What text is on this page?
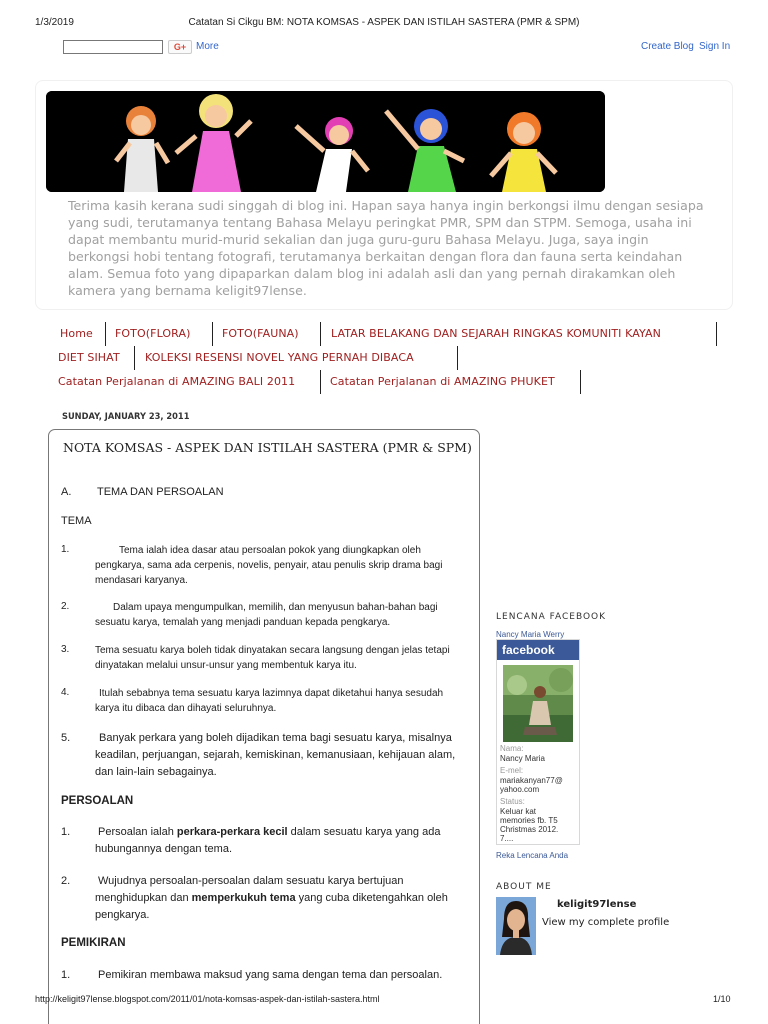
1/3/2019	Catatan Si Cikgu BM: NOTA KOMSAS - ASPEK DAN ISTILAH SASTERA (PMR & SPM)
G+ More	Create Blog Sign In
Terima kasih kerana sudi singgah di blog ini. Hapan saya hanya ingin berkongsi ilmu dengan sesiapa yang sudi, terutamanya tentang Bahasa Melayu peringkat PMR, SPM dan STPM. Semoga, usaha ini dapat membantu murid-murid sekalian dan juga guru-guru Bahasa Melayu. Juga, saya ingin berkongsi hobi tentang fotografi, terutamanya berkaitan dengan flora dan fauna serta keindahan alam. Semua foto yang dipaparkan dalam blog ini adalah asli dan yang pernah dirakamkan oleh kamera yang bernama keligit97lense.
Home FOTO(FLORA)	FOTO(FAUNA)	LATAR BELAKANG DAN SEJARAH RINGKAS KOMUNITI KAYAN
DIET SIHAT KOLEKSI RESENSI NOVEL YANG PERNAH DIBACA
Catatan Perjalanan di AMAZING BALI 2011	Catatan Perjalanan di AMAZING PHUKET
SUNDAY, JANUARY 23, 2011
NOTA KOMSAS - ASPEK DAN ISTILAH SASTERA (PMR & SPM)
A. TEMA DAN PERSOALAN
TEMA
1.	Tema ialah idea dasar atau persoalan pokok yang diungkapkan oleh
pengkarya, sama ada cerpenis, novelis, penyair, atau penulis skrip drama bagi
mendasari karyanya.
2.	Dalam upaya mengumpulkan, memilih, dan menyusun bahan-bahan bagi
sesuatu karya, temalah yang menjadi panduan kepada pengkarya.
3.	Tema sesuatu karya boleh tidak dinyatakan secara langsung dengan jelas tetapi
dinyatakan melalui unsur-unsur yang membentuk karya itu.
4.	Itulah sebabnya tema sesuatu karya lazimnya dapat diketahui hanya sesudah
karya itu dibaca dan dihayati seluruhnya.
5.	Banyak perkara yang boleh dijadikan tema bagi sesuatu karya, misalnya
keadilan, perjuangan, sejarah, kemiskinan, kemanusiaan, kehijauan alam,
dan lain-lain sebagainya.
PERSOALAN
1.	Persoalan ialah perkara-perkara kecil dalam sesuatu karya yang ada
hubungannya dengan tema.
2.	Wujudnya persoalan-persoalan dalam sesuatu karya bertujuan
menghidupkan dan memperkukuh tema yang cuba diketengahkan oleh
pengkarya.
PEMIKIRAN
1.	Pemikiran membawa maksud yang sama dengan tema dan persoalan.
LENCANA FACEBOOK
Nancy Maria Werry
facebook
Nama:
Nancy Maria
E-mel:
mariakanyan77@
yahoo.com
Status:
Keluar kat
memories fb. T5
Christmas 2012.
7....
Reka Lencana Anda
ABOUT ME
keligit97lense
View my complete profile
http://keligit97lense.blogspot.com/2011/01/nota-komsas-aspek-dan-istilah-sastera.html	1/10
